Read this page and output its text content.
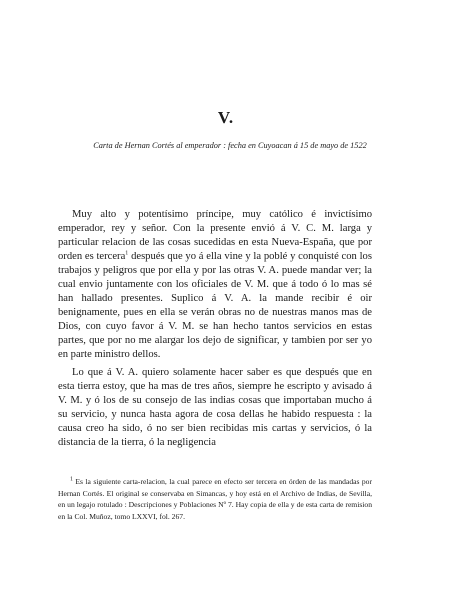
V.
Carta de Hernan Cortés al emperador : fecha en Cuyoacan á 15 de mayo de 1522

Muy alto y potentísimo príncipe, muy católico é invictísimo emperador, rey y señor. Con la presente envió á V. C. M. larga y particular relacion de las cosas sucedidas en esta Nueva-España, que por orden es tercera$^1$ después que yo á ella vine y la poblé y conquisté con los trabajos y peligros que por ella y por las otras V. A. puede mandar ver; la cual envio juntamente con los oficiales de V. M. que á todo ó lo mas sé han hallado presentes. Suplico á V. A. la mande recibir é oir benignamente, pues en ella se verán obras no de nuestras manos mas de Dios, con cuyo favor á V. M. se han hecho tantos servicios en estas partes, que por no me alargar los dejo de significar, y tambien por ser yo en parte ministro dellos.

Lo que á V. A. quiero solamente hacer saber es que después que en esta tierra estoy, que ha mas de tres años, siempre he escripto y avisado á V. M. y ó los de su consejo de las indias cosas que importaban mucho á su servicio, y nunca hasta agora de cosa dellas he habido respuesta : la causa creo ha sido, ó no ser bien recibidas mis cartas y servicios, ó la distancia de la tierra, ó la negligencia

$^1$ Es la siguiente carta-relacion, la cual parece en efecto ser tercera en órden de las mandadas por Hernan Cortés. El original se conservaba en Simancas, y hoy está en el Archivo de Indias, de Sevilla, en un legajo rotulado : Descripciones y Poblaciones Nº 7. Hay copia de ella y de esta carta de remision en la Col. Muñoz, tomo LXXVI, fol. 267.
